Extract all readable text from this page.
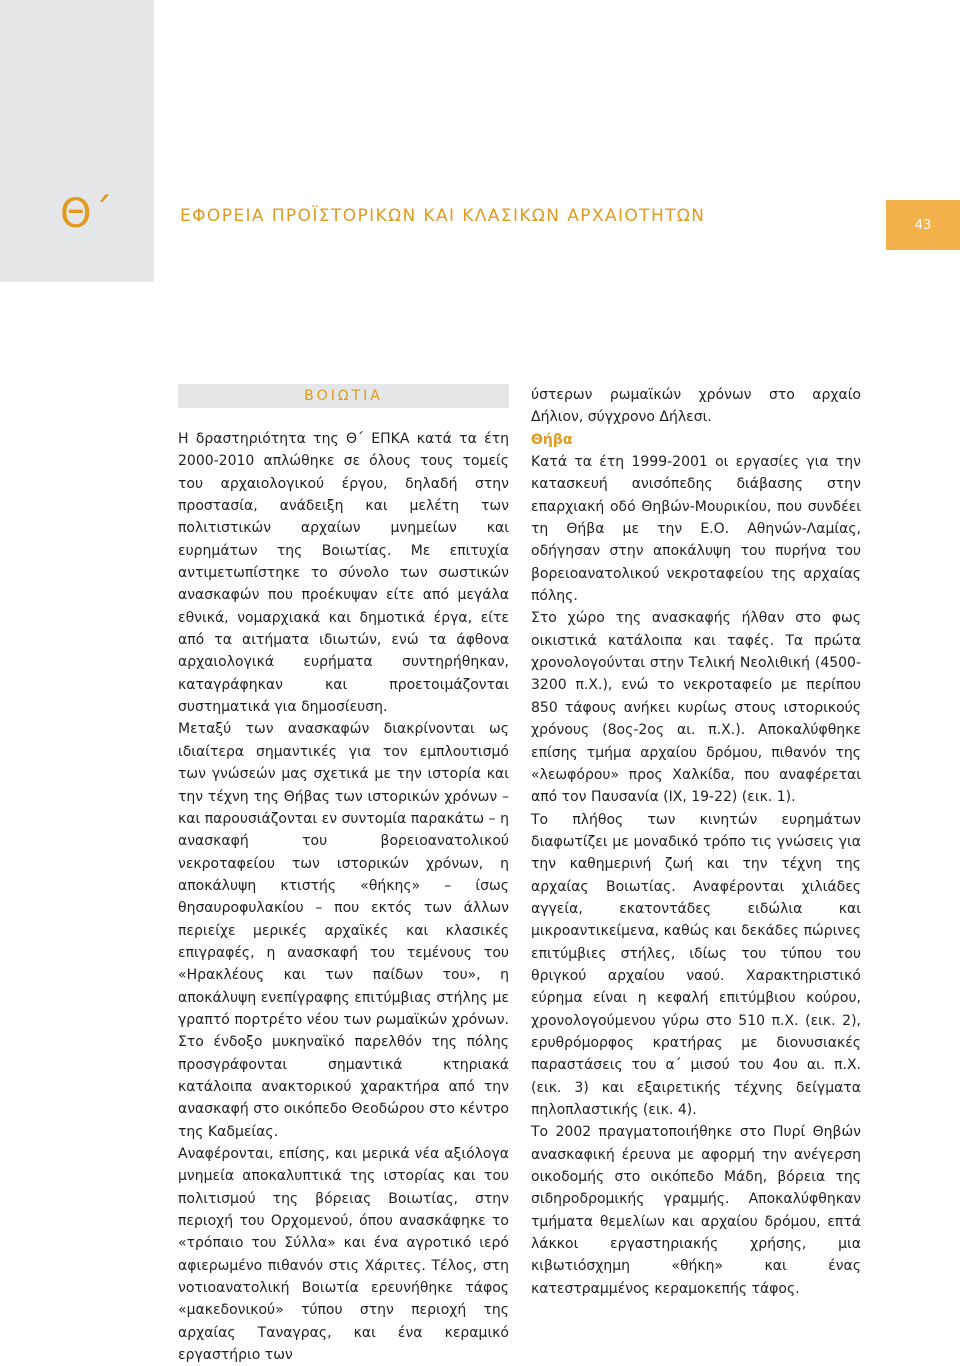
Θ΄	ΕΦΟΡΕΙΑ ΠΡΟΪΣΤΟΡΙΚΩΝ ΚΑΙ ΚΛΑΣΙΚΩΝ ΑΡΧΑΙΟΤΗΤΩΝ	43
ΒΟΙΩΤΙΑ

Η δραστηριότητα της Θ΄ ΕΠΚΑ κατά τα έτη 2000-2010 απλώθηκε σε όλους τους τομείς του αρχαιολογικού έργου, δηλαδή στην προστασία, ανάδειξη και μελέτη των πολιτιστικών αρχαίων μνημείων και ευρημάτων της Βοιωτίας. Με επιτυχία αντιμετωπίστηκε το σύνολο των σωστικών ανασκαφών που προέκυψαν είτε από μεγάλα εθνικά, νομαρχιακά και δημοτικά έργα, είτε από τα αιτήματα ιδιωτών, ενώ τα άφθονα αρχαιολογικά ευρήματα συντηρήθηκαν, καταγράφηκαν και προετοιμάζονται συστηματικά για δημοσίευση.

Μεταξύ των ανασκαφών διακρίνονται ως ιδιαίτερα σημαντικές για τον εμπλουτισμό των γνώσεών μας σχετικά με την ιστορία και την τέχνη της Θήβας των ιστορικών χρόνων – και παρουσιάζονται εν συντομία παρακάτω – η ανασκαφή του βορειοανατολικού νεκροταφείου των ιστορικών χρόνων, η αποκάλυψη κτιστής «θήκης» – ίσως θησαυροφυλακίου – που εκτός των άλλων περιείχε μερικές αρχαϊκές και κλασικές επιγραφές, η ανασκαφή του τεμένους του «Ηρακλέους και των παίδων του», η αποκάλυψη ενεπίγραφης επιτύμβιας στήλης με γραπτό πορτρέτο νέου των ρωμαϊκών χρόνων. Στο ένδοξο μυκηναϊκό παρελθόν της πόλης προσγράφονται σημαντικά κτηριακά κατάλοιπα ανακτορικού χαρακτήρα από την ανασκαφή στο οικόπεδο Θεοδώρου στο κέντρο της Καδμείας.

Αναφέρονται, επίσης, και μερικά νέα αξιόλογα μνημεία αποκαλυπτικά της ιστορίας και του πολιτισμού της βόρειας Βοιωτίας, στην περιοχή του Ορχομενού, όπου ανασκάφηκε το «τρόπαιο του Σύλλα» και ένα αγροτικό ιερό αφιερωμένο πιθανόν στις Χάριτες. Τέλος, στη νοτιοανατολική Βοιωτία ερευνήθηκε τάφος «μακεδονικού» τύπου στην περιοχή της αρχαίας Ταναγρας, και ένα κεραμικό εργαστήριο των

ύστερων ρωμαϊκών χρόνων στο αρχαίο Δήλιον, σύγχρονο Δήλεσι.

Θήβα

Κατά τα έτη 1999-2001 οι εργασίες για την κατασκευή ανισόπεδης διάβασης στην επαρχιακή οδό Θηβών-Μουρικίου, που συνδέει τη Θήβα με την Ε.Ο. Αθηνών-Λαμίας, οδήγησαν στην αποκάλυψη του πυρήνα του βορειοανατολικού νεκροταφείου της αρχαίας πόλης.

Στο χώρο της ανασκαφής ήλθαν στο φως οικιστικά κατάλοιπα και ταφές. Τα πρώτα χρονολογούνται στην Τελική Νεολιθική (4500-3200 π.Χ.), ενώ το νεκροταφείο με περίπου 850 τάφους ανήκει κυρίως στους ιστορικούς χρόνους (8ος-2ος αι. π.Χ.). Αποκαλύφθηκε επίσης τμήμα αρχαίου δρόμου, πιθανόν της «λεωφόρου» προς Χαλκίδα, που αναφέρεται από τον Παυσανία (IX, 19-22) (εικ. 1).

Το πλήθος των κινητών ευρημάτων διαφωτίζει με μοναδικό τρόπο τις γνώσεις για την καθημερινή ζωή και την τέχνη της αρχαίας Βοιωτίας. Αναφέρονται χιλιάδες αγγεία, εκατοντάδες ειδώλια και μικροαντικείμενα, καθώς και δεκάδες πώρινες επιτύμβιες στήλες, ιδίως του τύπου του θριγκού αρχαίου ναού. Χαρακτηριστικό εύρημα είναι η κεφαλή επιτύμβιου κούρου, χρονολογούμενου γύρω στο 510 π.Χ. (εικ. 2), ερυθρόμορφος κρατήρας με διονυσιακές παραστάσεις του α΄ μισού του 4ου αι. π.Χ. (εικ. 3) και εξαιρετικής τέχνης δείγματα πηλοπλαστικής (εικ. 4).

Το 2002 πραγματοποιήθηκε στο Πυρί Θηβών ανασκαφική έρευνα με αφορμή την ανέγερση οικοδομής στο οικόπεδο Μάδη, βόρεια της σιδηροδρομικής γραμμής. Αποκαλύφθηκαν τμήματα θεμελίων και αρχαίου δρόμου, επτά λάκκοι εργαστηριακής χρήσης, μια κιβωτιόσχημη «θήκη» και ένας κατεστραμμένος κεραμοκεπής τάφος.
